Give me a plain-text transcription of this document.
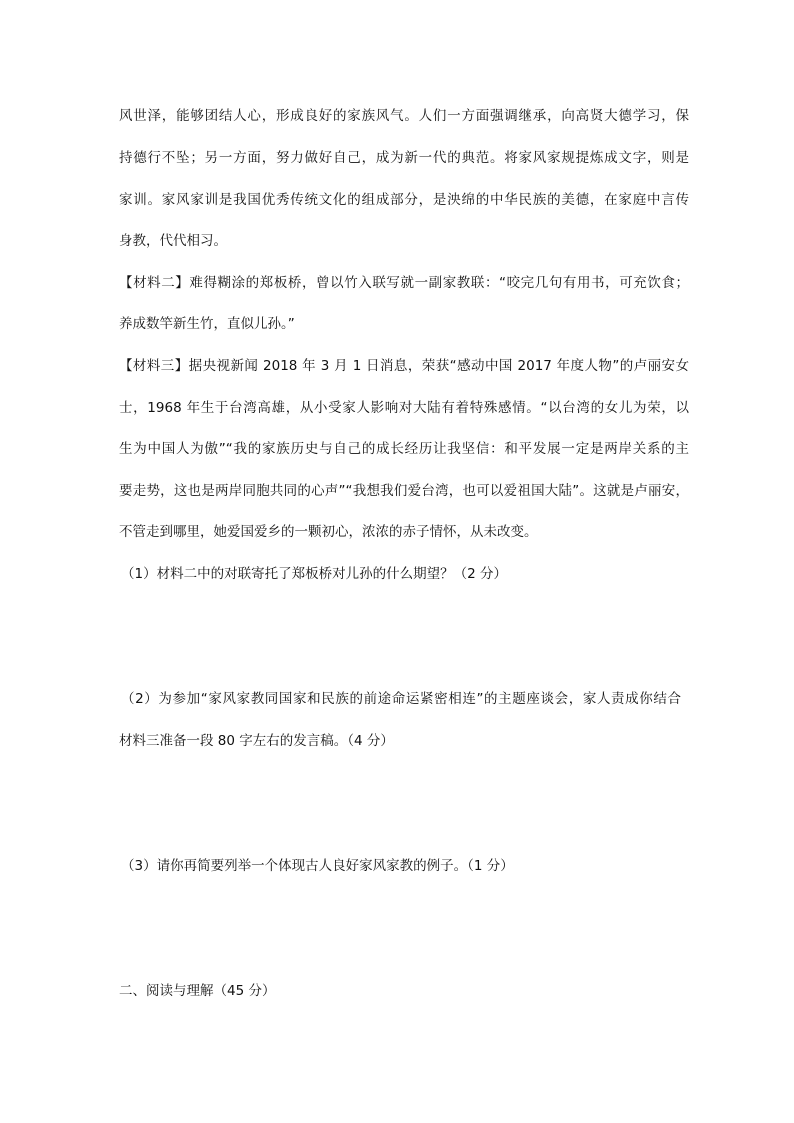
风世泽，能够团结人心，形成良好的家族风气。人们一方面强调继承，向高贤大德学习，保
持德行不坠；另一方面，努力做好自己，成为新一代的典范。将家风家规提炼成文字，则是
家训。家风家训是我国优秀传统文化的组成部分，是泱绵的中华民族的美德，在家庭中言传
身教，代代相习。
【材料二】难得糊涂的郑板桥，曾以竹入联写就一副家教联：“咬完几句有用书，可充饮食；
养成数竿新生竹，直似儿孙。”
【材料三】据央视新闻 2018 年 3 月 1 日消息，荣获“感动中国 2017 年度人物”的卢丽安女
士，1968 年生于台湾高雄，从小受家人影响对大陆有着特殊感情。“以台湾的女儿为荣，以
生为中国人为傲”“我的家族历史与自己的成长经历让我坚信：和平发展一定是两岸关系的主
要走势，这也是两岸同胞共同的心声”“我想我们爱台湾，也可以爱祖国大陆”。这就是卢丽安，
不管走到哪里，她爱国爱乡的一颗初心，浓浓的赤子情怀，从未改变。
（1）材料二中的对联寄托了郑板桥对儿孙的什么期望？（2 分）
（2）为参加“家风家教同国家和民族的前途命运紧密相连”的主题座谈会，家人责成你结合
材料三准备一段 80 字左右的发言稿。（4 分）
（3）请你再简要列举一个体现古人良好家风家教的例子。（1 分）
二、阅读与理解（45 分）
